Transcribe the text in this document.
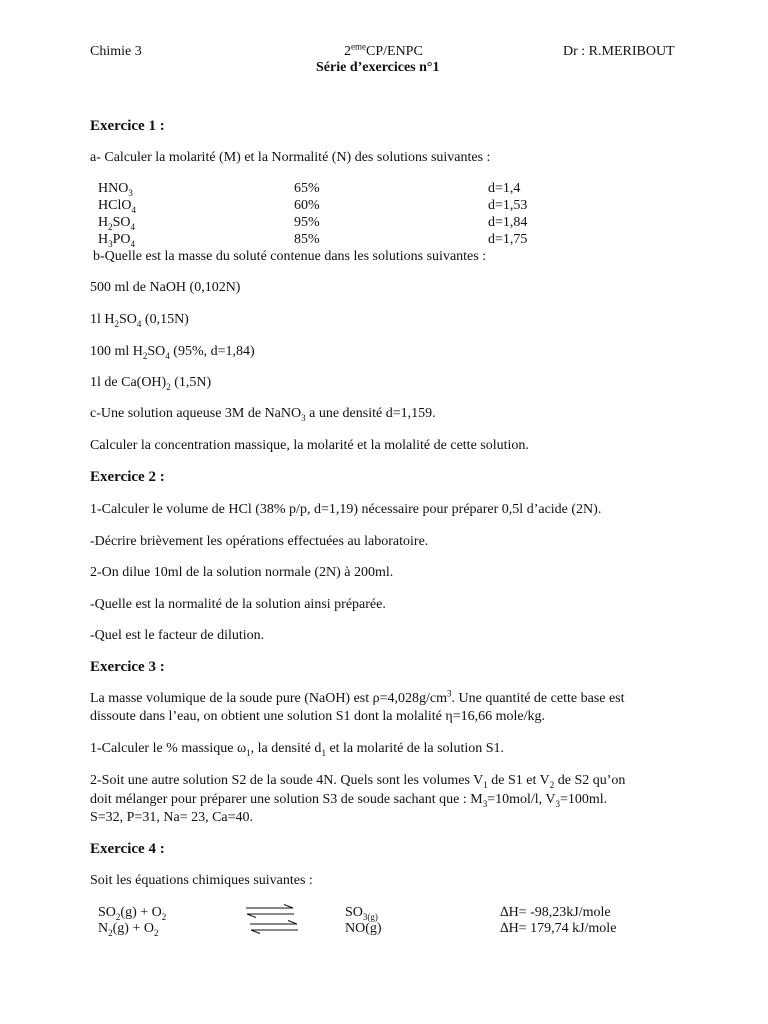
Chimie 3	2emeCP/ENPC	Dr : R.MERIBOUT
Série d’exercices n°1
Exercice 1 :
a- Calculer la molarité (M) et la Normalité (N) des solutions suivantes :
$HNO_3$	65%	d=1,4
HClO$_4$	60%	d=1,53
$H_2SO_4$	95%	d=1,84
$H_3PO_4$	85%	d=1,75
b-Quelle est la masse du soluté contenue dans les solutions suivantes :
500 ml de NaOH (0,102N)
1l $H_2SO_4$ (0,15N)
100 ml $H_2SO_4$ (95%, d=1,84)
1l de $Ca(OH)_2$ (1,5N)
c-Une solution aqueuse 3M de NaNO$_3$ a une densité d=1,159.
Calculer la concentration massique, la molarité et la molalité de cette solution.
Exercice 2 :
1-Calculer le volume de HCl (38% p/p, d=1,19) nécessaire pour préparer 0,5l d’acide (2N).
-Décrire brièvement les opérations effectuées au laboratoire.
2-On dilue 10ml de la solution normale (2N) à 200ml.
-Quelle est la normalité de la solution ainsi préparée.
-Quel est le facteur de dilution.
Exercice 3 :
La masse volumique de la soude pure (NaOH) est $\rho=4,028g/cm^3$. Une quantité de cette base est
dissoute dans l’eau, on obtient une solution S1 dont la molalité η=16,66 mole/kg.
1-Calculer le % massique $\omega_1$, la densité $d_1$ et la molarité de la solution S1.
2-Soit une autre solution S2 de la soude 4N. Quels sont les volumes $V_1$ de S1 et $V_2$ de S2 qu’on
doit mélanger pour préparer une solution S3 de soude sachant que : $M_3=10mol/l$, $V_3=100ml$.
S=32, P=31, Na= 23, Ca=40.
Exercice 4 :
Soit les équations chimiques suivantes :
$SO_2(g) + O_2$	$SO_{3(g)}$	∆H= -98,23kJ/mole
$N_2(g) + O_2$	NO(g)	∆H= 179,74 kJ/mole
